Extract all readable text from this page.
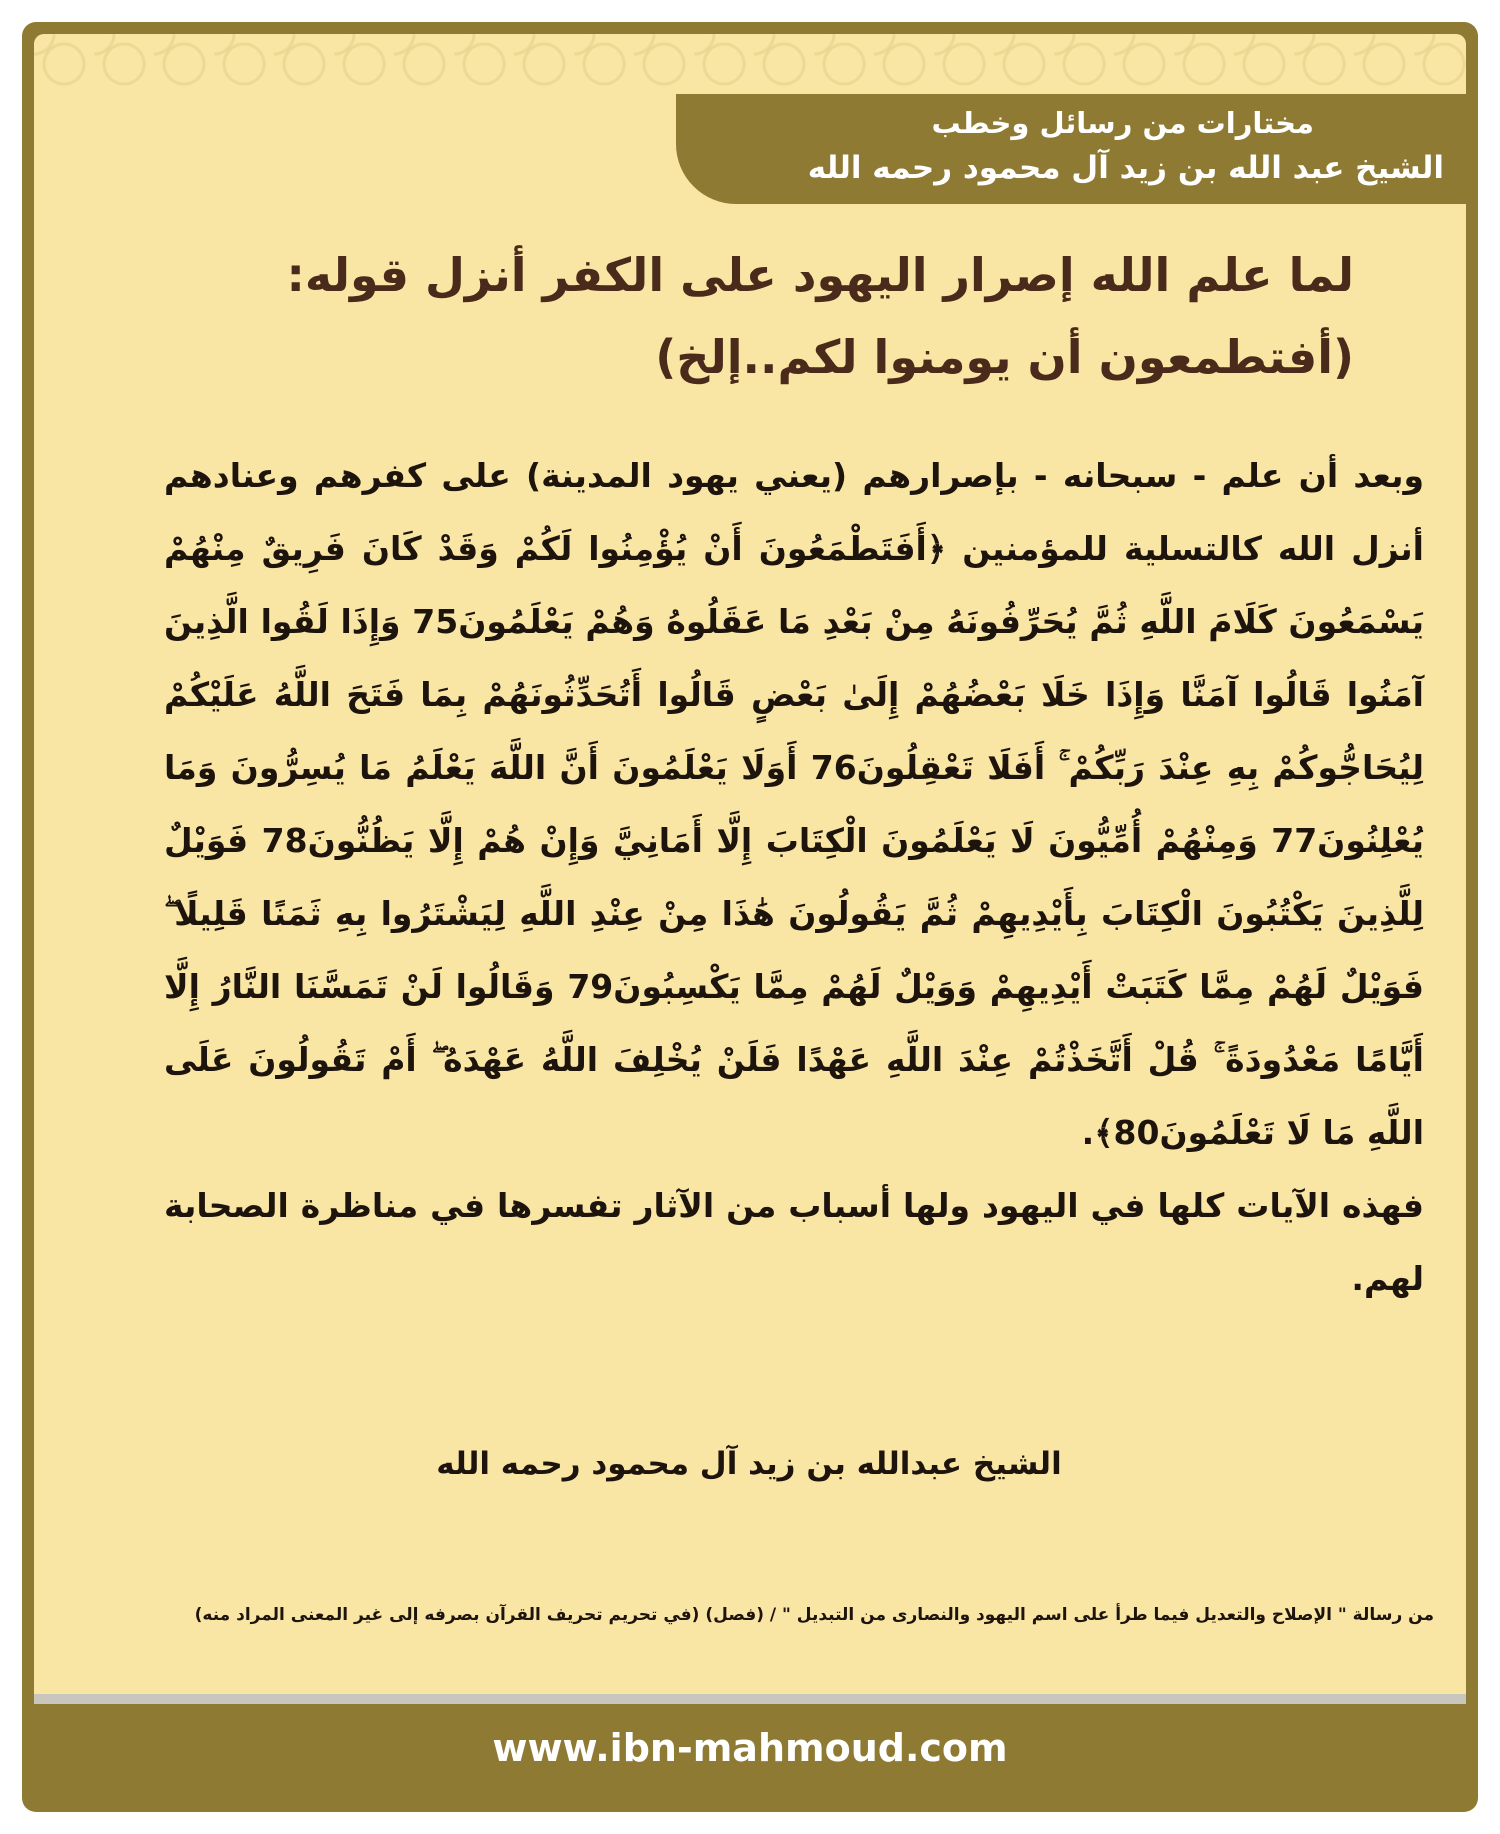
مختارات من رسائل وخطب
الشيخ عبد الله بن زيد آل محمود رحمه الله
لما علم الله إصرار اليهود على الكفر أنزل قوله: (أفتطمعون أن يومنوا لكم..إلخ)

وبعد أن علم - سبحانه - بإصرارهم (يعني يهود المدينة) على كفرهم وعنادهم أنزل الله كالتسلية للمؤمنين ﴿أَفَتَطْمَعُونَ أَنْ يُؤْمِنُوا لَكُمْ وَقَدْ كَانَ فَرِيقٌ مِنْهُمْ يَسْمَعُونَ كَلَامَ اللَّهِ ثُمَّ يُحَرِّفُونَهُ مِنْ بَعْدِ مَا عَقَلُوهُ وَهُمْ يَعْلَمُونَ75 وَإِذَا لَقُوا الَّذِينَ آمَنُوا قَالُوا آمَنَّا وَإِذَا خَلَا بَعْضُهُمْ إِلَىٰ بَعْضٍ قَالُوا أَتُحَدِّثُونَهُمْ بِمَا فَتَحَ اللَّهُ عَلَيْكُمْ لِيُحَاجُّوكُمْ بِهِ عِنْدَ رَبِّكُمْ ۚ أَفَلَا تَعْقِلُونَ76 أَوَلَا يَعْلَمُونَ أَنَّ اللَّهَ يَعْلَمُ مَا يُسِرُّونَ وَمَا يُعْلِنُونَ77 وَمِنْهُمْ أُمِّيُّونَ لَا يَعْلَمُونَ الْكِتَابَ إِلَّا أَمَانِيَّ وَإِنْ هُمْ إِلَّا يَظُنُّونَ78 فَوَيْلٌ لِلَّذِينَ يَكْتُبُونَ الْكِتَابَ بِأَيْدِيهِمْ ثُمَّ يَقُولُونَ هَٰذَا مِنْ عِنْدِ اللَّهِ لِيَشْتَرُوا بِهِ ثَمَنًا قَلِيلًا ۖ فَوَيْلٌ لَهُمْ مِمَّا كَتَبَتْ أَيْدِيهِمْ وَوَيْلٌ لَهُمْ مِمَّا يَكْسِبُونَ79 وَقَالُوا لَنْ تَمَسَّنَا النَّارُ إِلَّا أَيَّامًا مَعْدُودَةً ۚ قُلْ أَتَّخَذْتُمْ عِنْدَ اللَّهِ عَهْدًا فَلَنْ يُخْلِفَ اللَّهُ عَهْدَهُ ۖ أَمْ تَقُولُونَ عَلَى اللَّهِ مَا لَا تَعْلَمُونَ80﴾.

فهذه الآيات كلها في اليهود ولها أسباب من الآثار تفسرها في مناظرة الصحابة لهم.

الشيخ عبدالله بن زيد آل محمود رحمه الله
من رسالة " الإصلاح والتعديل فيما طرأ على اسم اليهود والنصارى من التبديل " / (فصل) (في تحريم تحريف القرآن بصرفه إلى غير المعنى المراد منه)
www.ibn-mahmoud.com
